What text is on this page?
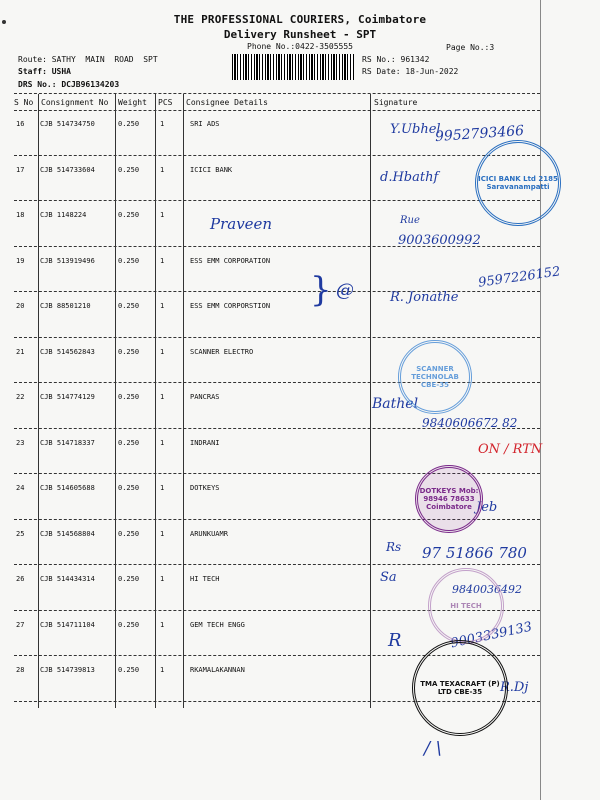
THE PROFESSIONAL COURIERS, Coimbatore
Delivery Runsheet - SPT
Phone No.:0422-3505555	Page No.:3
Route: SATHY  MAIN  ROAD  SPT
Staff: USHA
DRS No.: DCJB96134203
RS No.: 961342
RS Date: 18-Jun-2022
S No Consignment No Weight PCS Consignee Details	Signature
16 CJB 514734750	0.250	1	SRI ADS
17 CJB 514733604	0.250	1	ICICI BANK
18 CJB 1148224	0.250	1
19 CJB 513919496	0.250	1	ESS EMM CORPORATION
20 CJB 88501210	0.250	1	ESS EMM CORPORSTION
21 CJB 514562843	0.250	1	SCANNER ELECTRO
22 CJB 514774129	0.250	1	PANCRAS
23 CJB 514718337	0.250	1	INDRANI
24 CJB 514605688	0.250	1	DOTKEYS
25 CJB 514568804	0.250	1	ARUNKUAMR
26 CJB 514434314	0.250	1	HI TECH
27 CJB 514711104	0.250	1	GEM TECH ENGG
28 CJB 514739813	0.250	1	RKAMALAKANNAN
Praveen
Y.Ubhel
9952793466
d.Hbathf
Rue
9003600992
} @	R. Jonathe
9597226152
Bathel
9840606672 82
ON / RTN
Jeb
Rs 97 51866 780
Sa
9840036492
R	9003339133
R.Dj
/ \
ICICI BANK Ltd 2185 Saravanampatti
SCANNER TECHNOLAB CBE-35
DOTKEYS Mob: 98946 78633 Coimbatore
HI TECH
TMA TEXACRAFT (P) LTD CBE-35
